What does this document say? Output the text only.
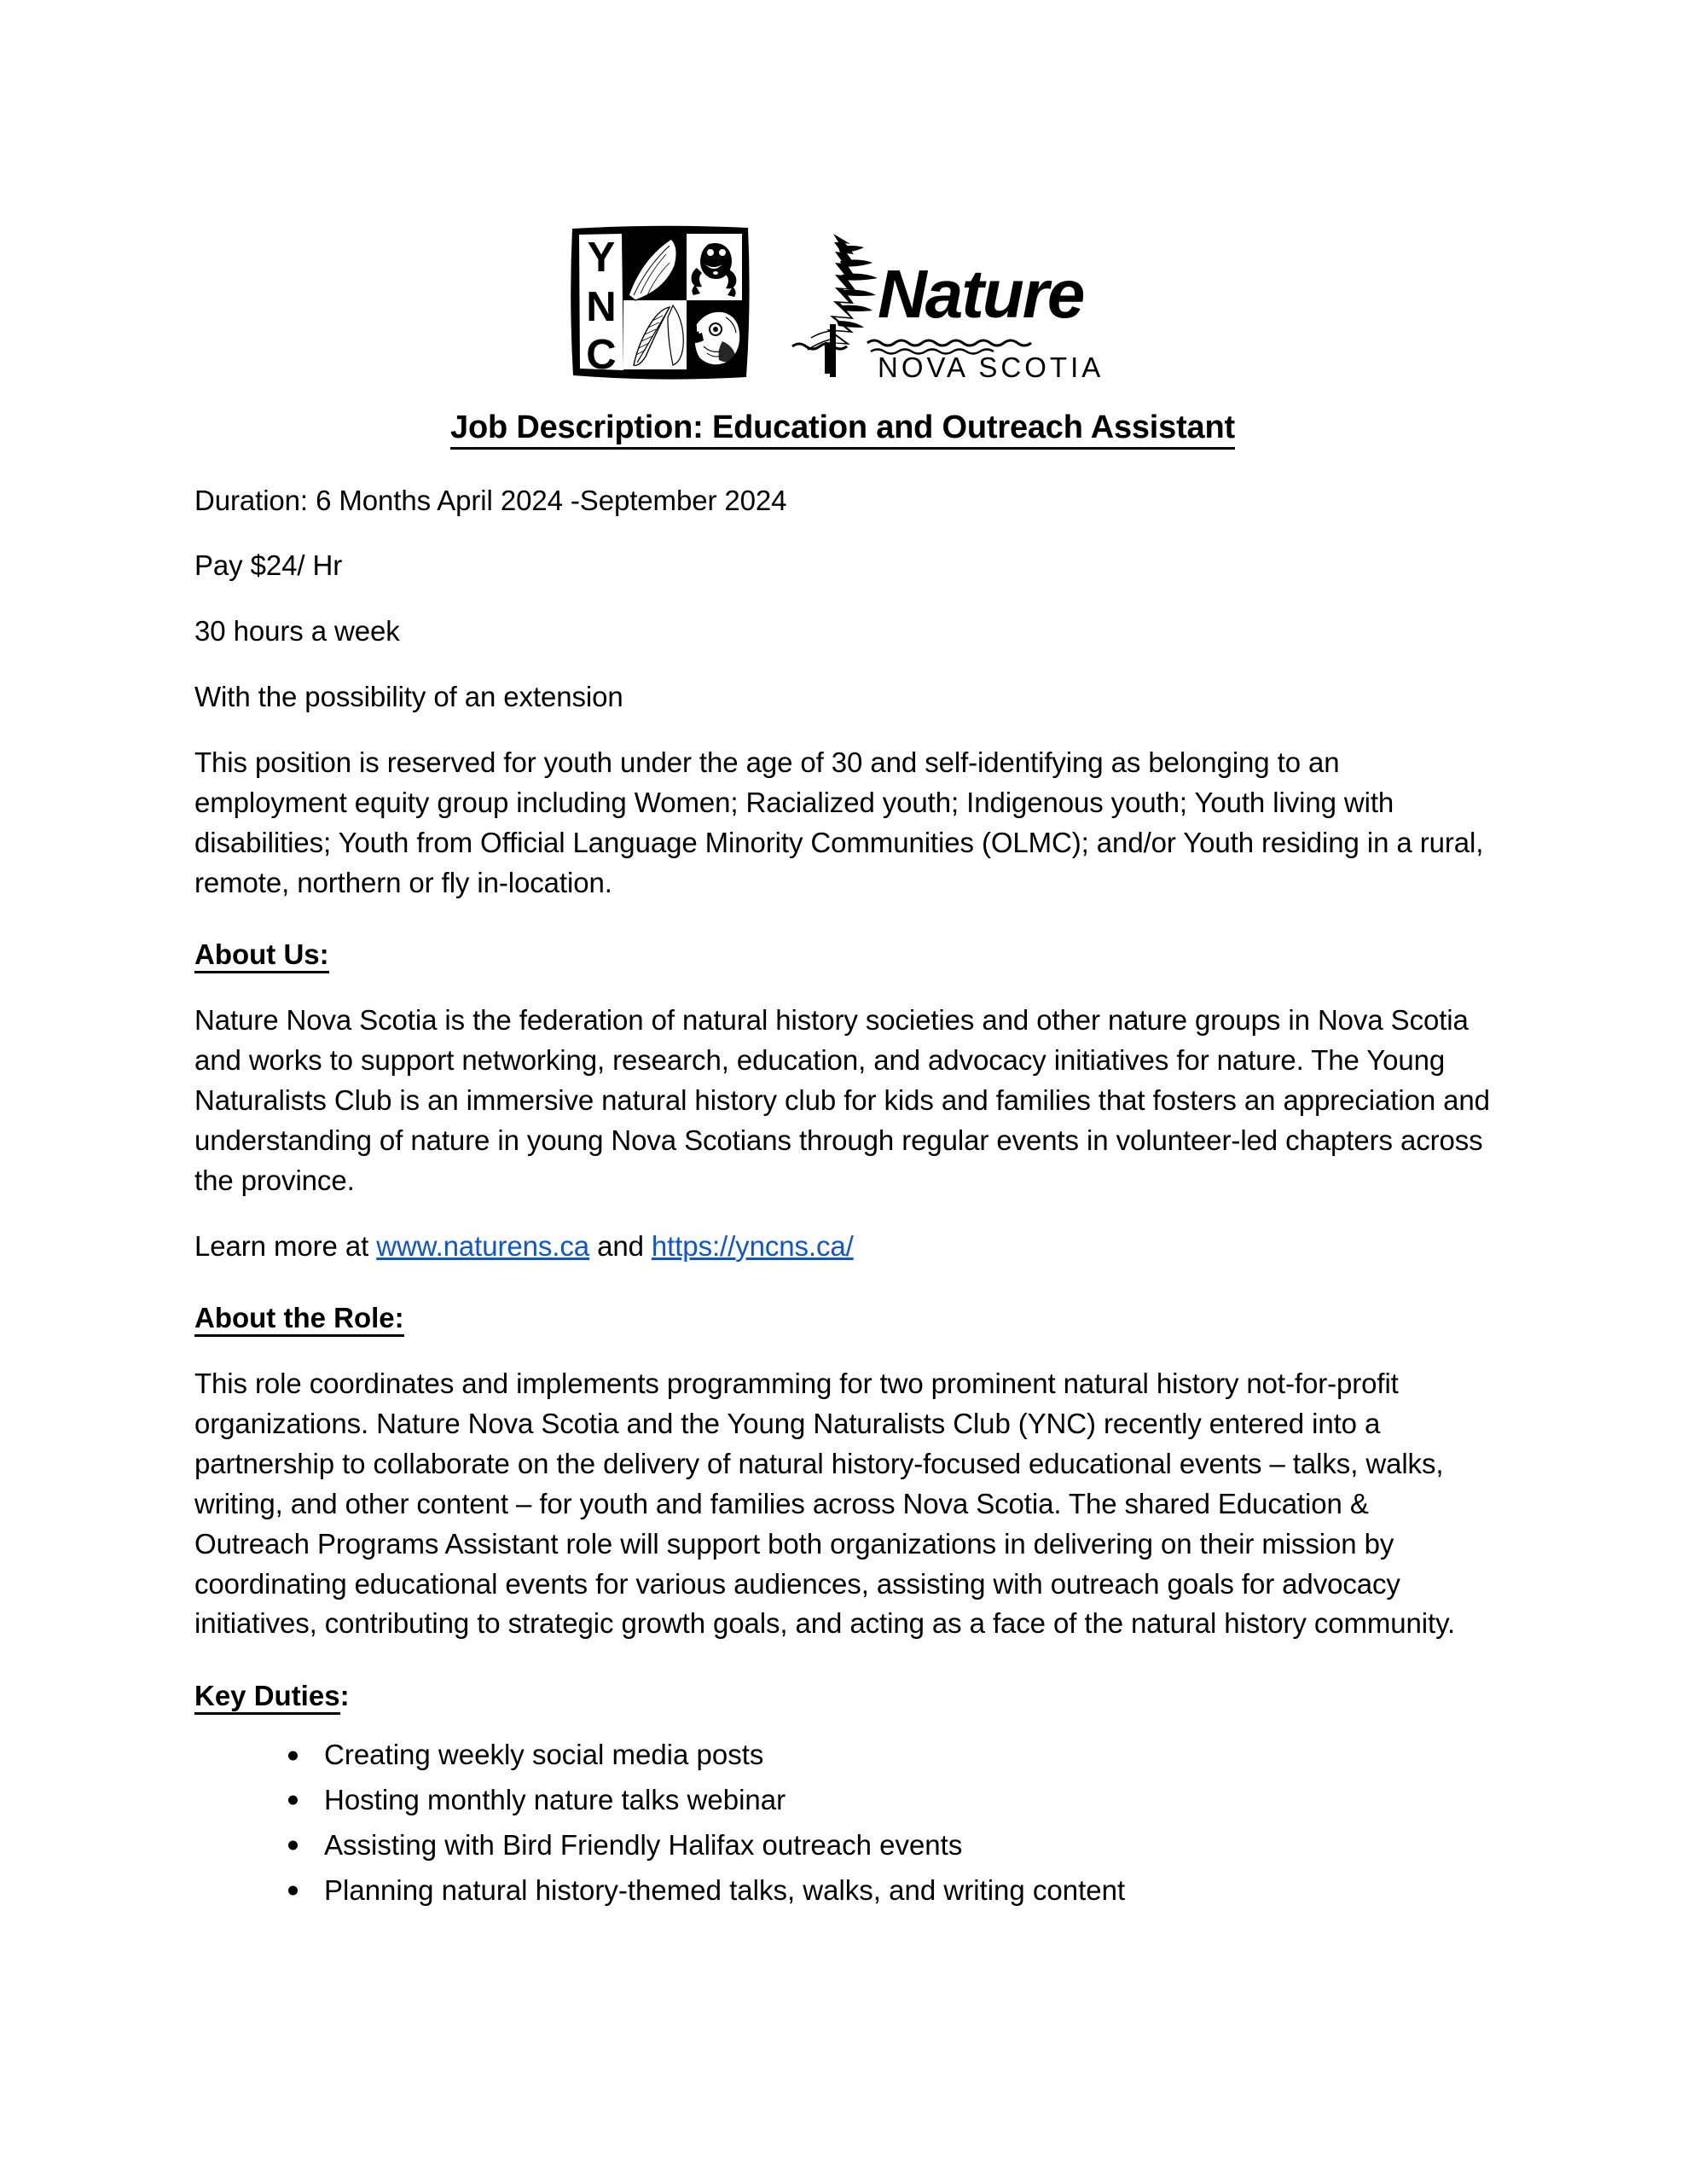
Y
N
C
Nature
NOVA SCOTIA
Job Description: Education and Outreach Assistant

Duration: 6 Months April 2024 -September 2024

Pay $24/ Hr

30 hours a week

With the possibility of an extension

This position is reserved for youth under the age of 30 and self-identifying as belonging to an employment equity group including Women; Racialized youth; Indigenous youth; Youth living with disabilities; Youth from Official Language Minority Communities (OLMC); and/or Youth residing in a rural, remote, northern or fly in-location.

About Us:

Nature Nova Scotia is the federation of natural history societies and other nature groups in Nova Scotia and works to support networking, research, education, and advocacy initiatives for nature. The Young Naturalists Club is an immersive natural history club for kids and families that fosters an appreciation and understanding of nature in young Nova Scotians through regular events in volunteer-led chapters across the province.

Learn more at www.naturens.ca and https://yncns.ca/

About the Role:

This role coordinates and implements programming for two prominent natural history not-for-profit organizations. Nature Nova Scotia and the Young Naturalists Club (YNC) recently entered into a partnership to collaborate on the delivery of natural history-focused educational events – talks, walks, writing, and other content – for youth and families across Nova Scotia. The shared Education & Outreach Programs Assistant role will support both organizations in delivering on their mission by coordinating educational events for various audiences, assisting with outreach goals for advocacy initiatives, contributing to strategic growth goals, and acting as a face of the natural history community.

Key Duties:

Creating weekly social media posts
Hosting monthly nature talks webinar
Assisting with Bird Friendly Halifax outreach events
Planning natural history-themed talks, walks, and writing content
